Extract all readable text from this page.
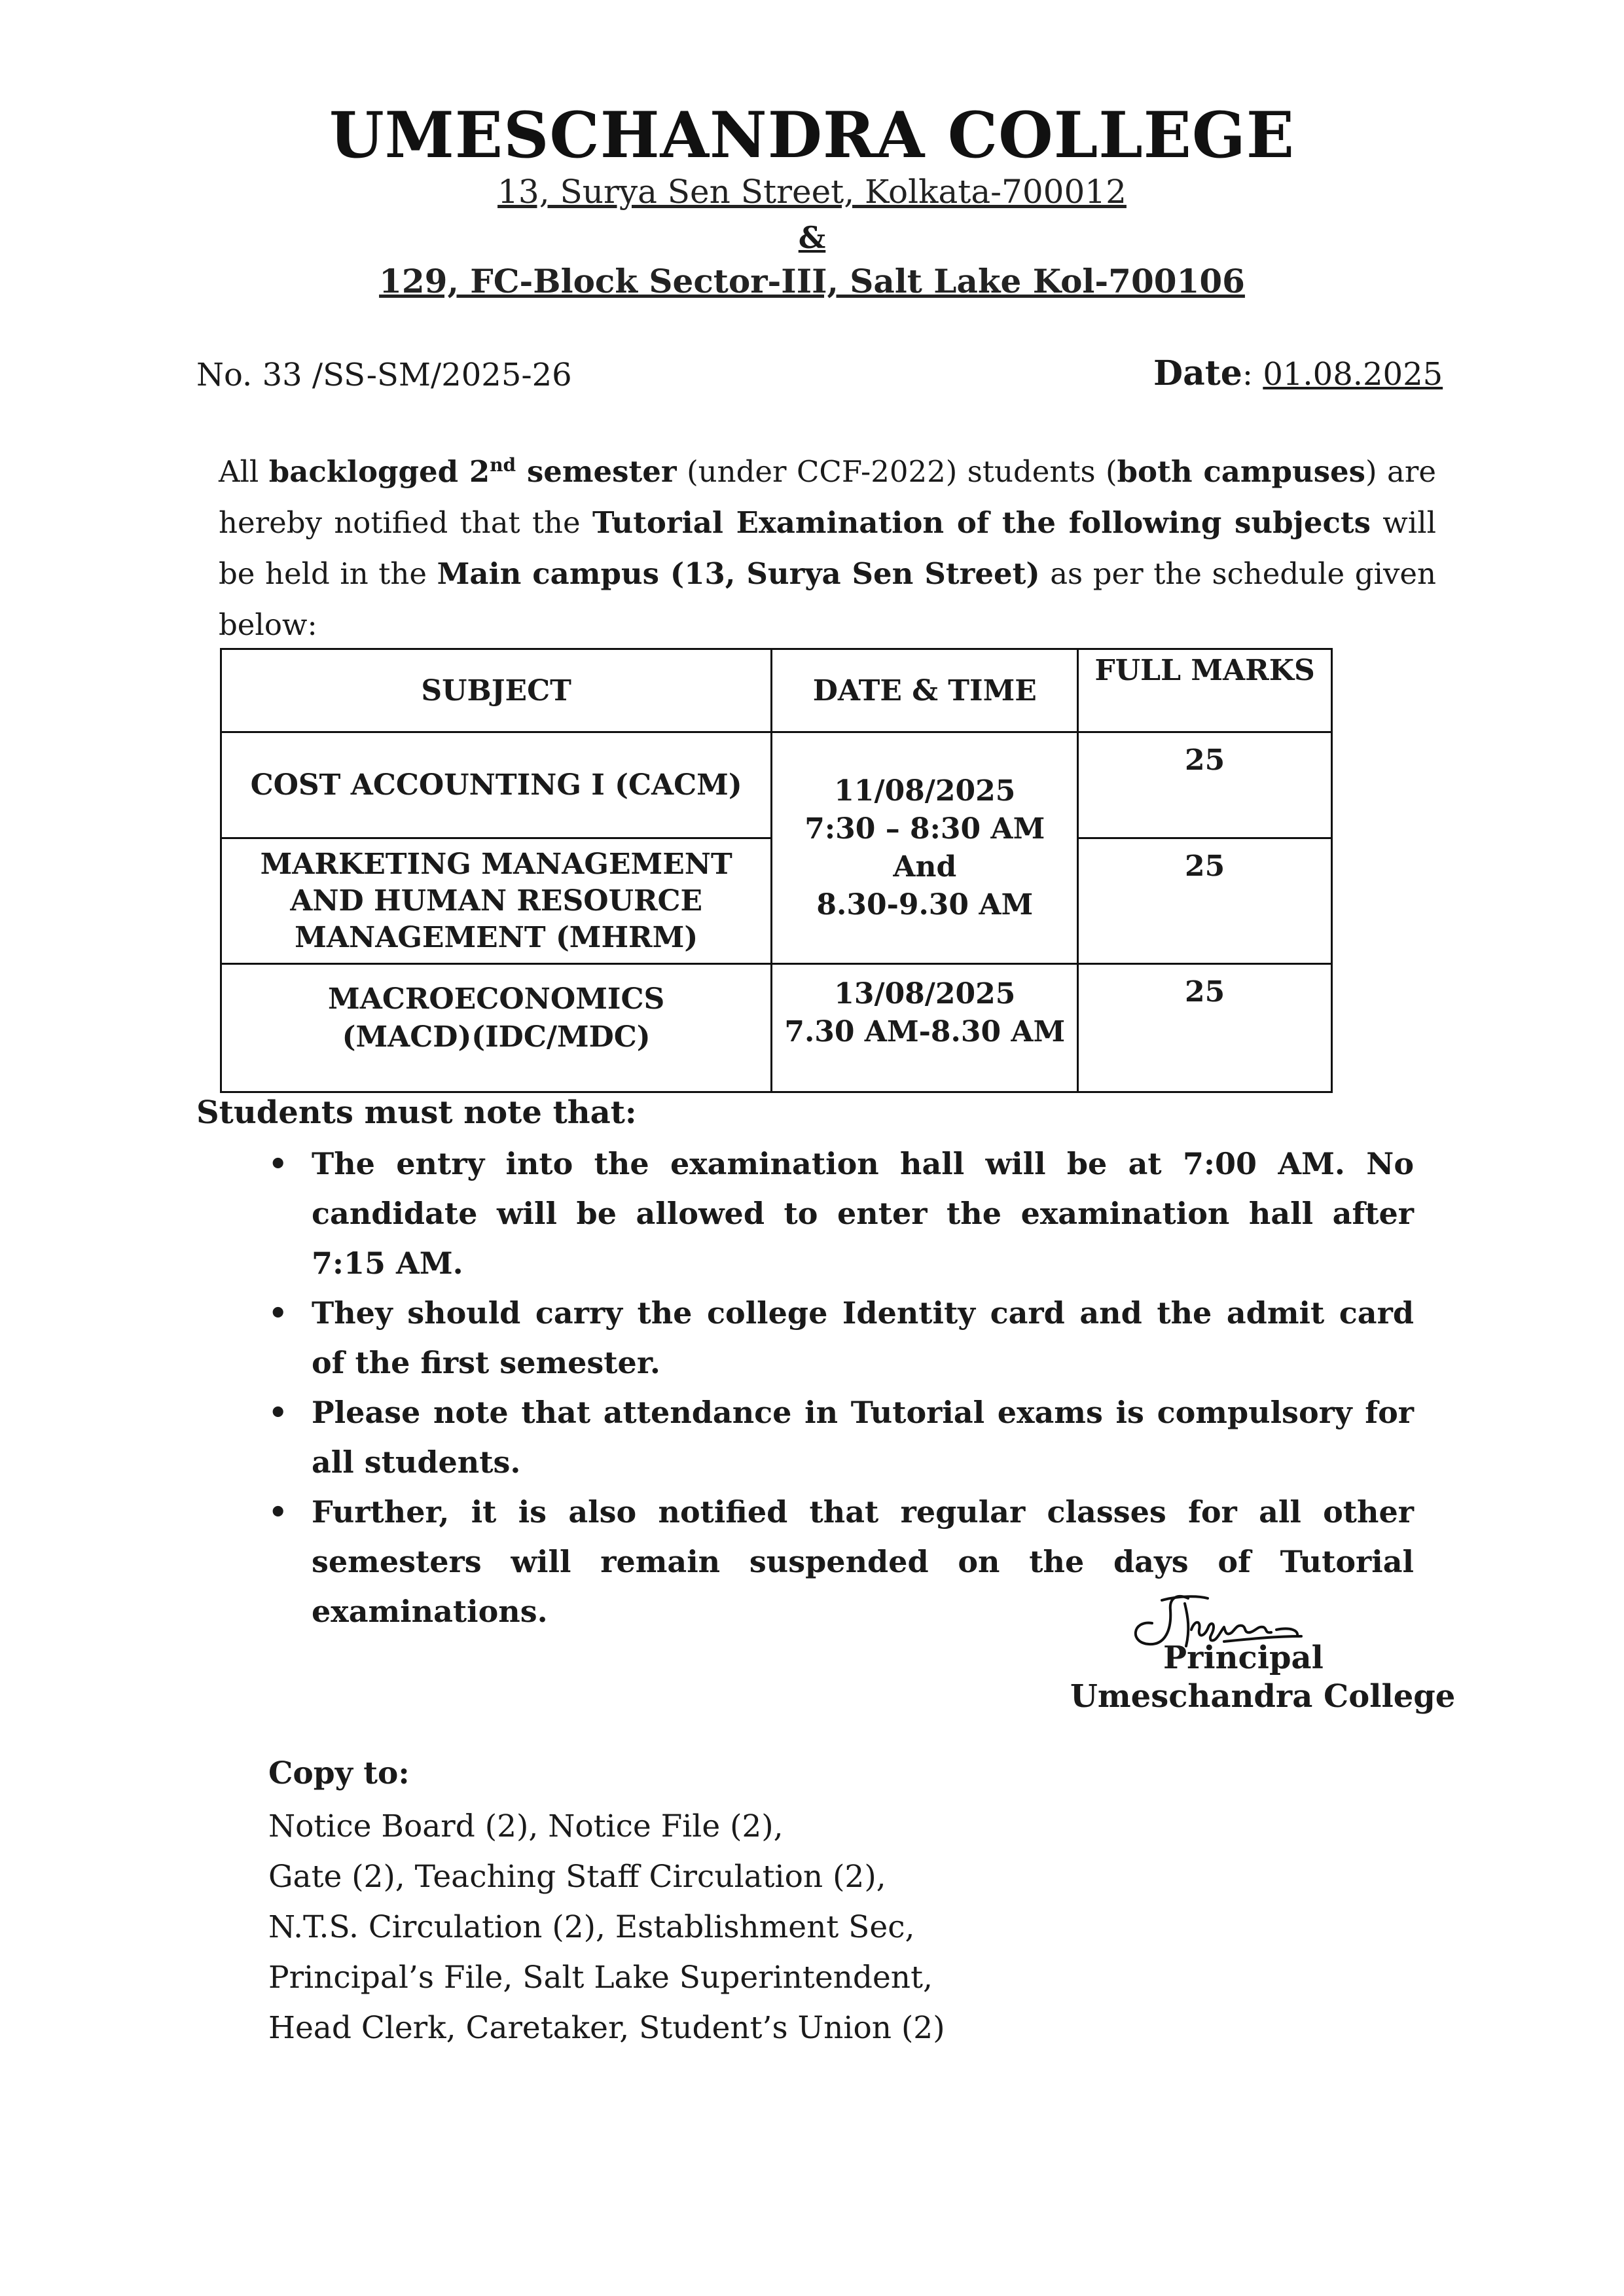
UMESCHANDRA COLLEGE
13, Surya Sen Street, Kolkata-700012
&
129, FC-Block Sector-III, Salt Lake Kol-700106
No. 33 /SS-SM/2025-26	Date: 01.08.2025
All backlogged 2nd semester (under CCF-2022) students (both campuses) are hereby notified that the Tutorial Examination of the following subjects will be held in the Main campus (13, Surya Sen Street) as per the schedule given below:
SUBJECT	DATE & TIME	FULL MARKS

COST ACCOUNTING I (CACM)	11/08/2025
7:30 – 8:30 AM
And
8.30-9.30 AM	25
MARKETING MANAGEMENT AND HUMAN RESOURCE MANAGEMENT (MHRM)		25

MACROECONOMICS (MACD)(IDC/MDC)	13/08/2025
7.30 AM-8.30 AM	25
Students must note that:

• The entry into the examination hall will be at 7:00 AM. No candidate will be allowed to enter the examination hall after 7:15 AM.

• They should carry the college Identity card and the admit card of the first semester.

• Please note that attendance in Tutorial exams is compulsory for all students.

• Further, it is also notified that regular classes for all other semesters will remain suspended on the days of Tutorial examinations.	Ihaque
Principal
Umeschandra College
Copy to:
Notice Board (2), Notice File (2),
Gate (2), Teaching Staff Circulation (2),
N.T.S. Circulation (2), Establishment Sec,
Principal’s File, Salt Lake Superintendent,
Head Clerk, Caretaker, Student’s Union (2)
